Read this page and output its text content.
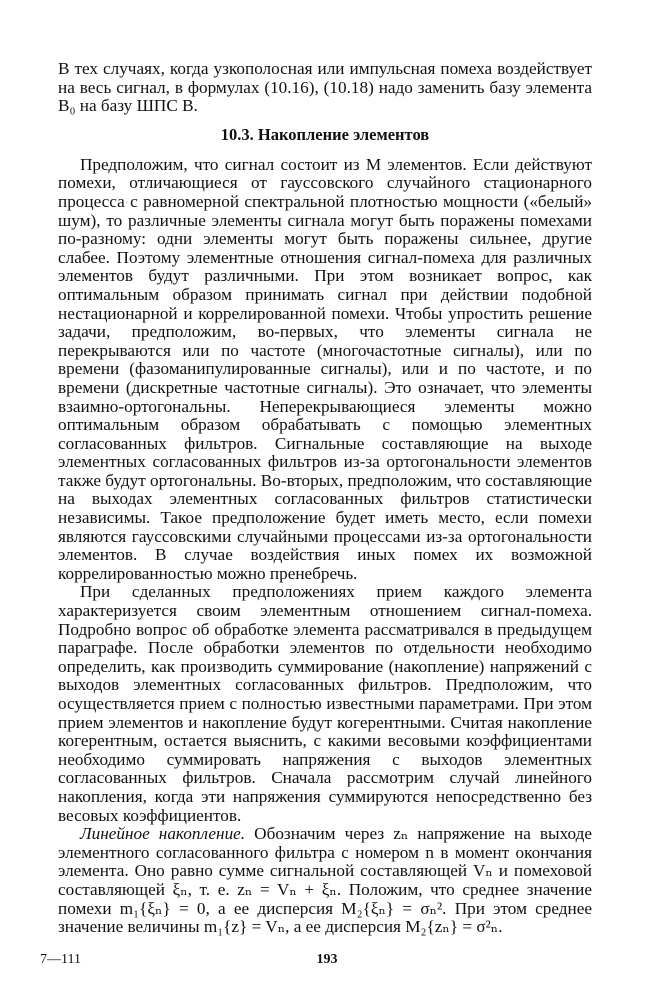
В тех случаях, когда узкополосная или импульсная помеха воздействует на весь сигнал, в формулах (10.16), (10.18) надо заменить базу элемента B₀ на базу ШПС B.

10.3. Накопление элементов

Предположим, что сигнал состоит из M элементов. Если действуют помехи, отличающиеся от гауссовского случайного стационарного процесса с равномерной спектральной плотностью мощности («белый» шум), то различные элементы сигнала могут быть поражены помехами по-разному: одни элементы могут быть поражены сильнее, другие слабее. Поэтому элементные отношения сигнал-помеха для различных элементов будут различными. При этом возникает вопрос, как оптимальным образом принимать сигнал при действии подобной нестационарной и коррелированной помехи. Чтобы упростить решение задачи, предположим, во-первых, что элементы сигнала не перекрываются или по частоте (многочастотные сигналы), или по времени (фазоманипулированные сигналы), или и по частоте, и по времени (дискретные частотные сигналы). Это означает, что элементы взаимно-ортогональны. Неперекрывающиеся элементы можно оптимальным образом обрабатывать с помощью элементных согласованных фильтров. Сигнальные составляющие на выходе элементных согласованных фильтров из-за ортогональности элементов также будут ортогональны. Во-вторых, предположим, что составляющие на выходах элементных согласованных фильтров статистически независимы. Такое предположение будет иметь место, если помехи являются гауссовскими случайными процессами из-за ортогональности элементов. В случае воздействия иных помех их возможной коррелированностью можно пренебречь.

При сделанных предположениях прием каждого элемента характеризуется своим элементным отношением сигнал-помеха. Подробно вопрос об обработке элемента рассматривался в предыдущем параграфе. После обработки элементов по отдельности необходимо определить, как производить суммирование (накопление) напряжений с выходов элементных согласованных фильтров. Предположим, что осуществляется прием с полностью известными параметрами. При этом прием элементов и накопление будут когерентными. Считая накопление когерентным, остается выяснить, с какими весовыми коэффициентами необходимо суммировать напряжения с выходов элементных согласованных фильтров. Сначала рассмотрим случай линейного накопления, когда эти напряжения суммируются непосредственно без весовых коэффициентов.

Линейное накопление. Обозначим через zₙ напряжение на выходе элементного согласованного фильтра с номером n в момент окончания элемента. Оно равно сумме сигнальной составляющей Vₙ и помеховой составляющей ξₙ, т. е. zₙ = Vₙ + ξₙ. Положим, что среднее значение помехи m₁{ξₙ} = 0, а ее дисперсия M₂{ξₙ} = σₙ². При этом среднее значение величины m₁{z} = Vₙ, а ее дисперсия M₂{zₙ} = σ²ₙ.

7—111	193
